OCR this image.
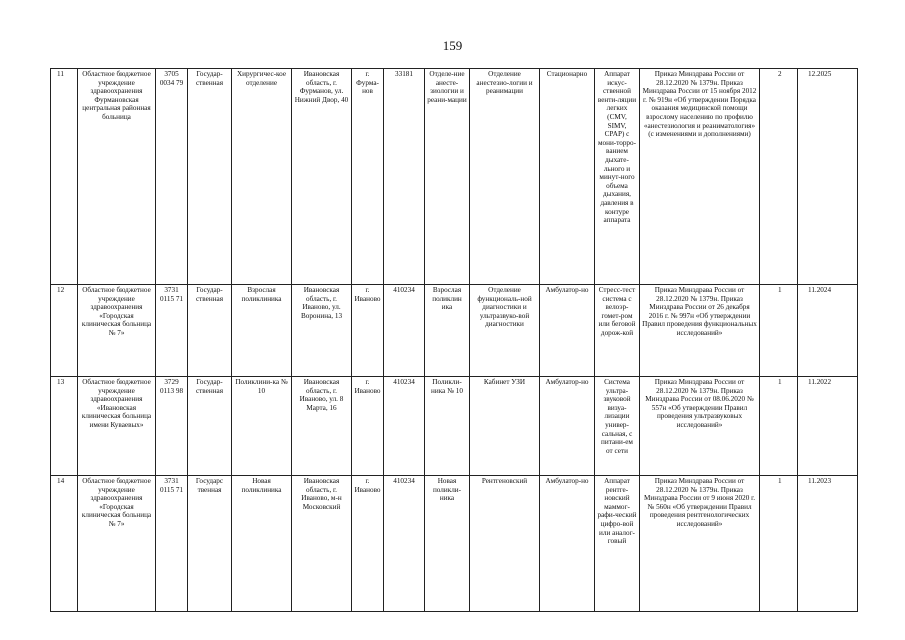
159
11	Областное бюджетное учреждение здравоохранения Фурмановская центральная районная больница	3705 0034 79	Государ-ственная	Хирургичес-кое отделение	Ивановская область, г. Фурманов, ул. Нижний Двор, 40	г. Фурма-нов	33181	Отделе-ние анесте-зиологии и реани-мации	Отделение анестезио-логии и реанимации	Стационарно	Аппарат искус-ственной венти-ляции легких (CMV, SIMV, CPAP) с мони-торро-ванием дыхате-льного и минут-ного объема дыхания, давления в контуре аппарата	Приказ Минздрава России от 28.12.2020 № 1379н. Приказ Минздрава России от 15 ноября 2012 г. № 919н «Об утверждении Порядка оказания медицинской помощи взрослому населению по профилю «анестезиология и реаниматология» (с изменениями и дополнениями)	2	12.2025
12	Областное бюджетное учреждение здравоохранения «Городская клиническая больница № 7»	3731 0115 71	Государ-ственная	Взрослая поликлиника	Ивановская область, г. Иваново, ул. Воронина, 13	г. Иваново	410234	Взрослая поликлин ика	Отделение функциональ-ной диагностики и ультразвуко-вой диагностики	Амбулатор-но	Стресс-тест система с велоэр-гомет-ром или беговой дорож-кой	Приказ Минздрава России от 28.12.2020 № 1379н. Приказ Минздрава России от 26 декабря 2016 г. № 997н «Об утверждении Правил проведения функциональных исследований»	1	11.2024
13	Областное бюджетное учреждение здравоохранения «Ивановская клиническая больница имени Куваевых»	3729 0113 98	Государ-ственная	Поликлини-ка № 10	Ивановская область, г. Иваново, ул. 8 Марта, 16	г. Иваново	410234	Поликли-ника № 10	Кабинет УЗИ	Амбулатор-но	Система ультра-звуковой визуа-лизации универ-сальная, с питани-ем от сети	Приказ Минздрава России от 28.12.2020 № 1379н. Приказ Минздрава России от 08.06.2020 № 557н «Об утверждении Правил проведения ультразвуковых исследований»	1	11.2022
14	Областное бюджетное учреждение здравоохранения «Городская клиническая больница № 7»	3731 0115 71	Государс твенная	Новая поликлиника	Ивановская область, г. Иваново, м-н Московский	г. Иваново	410234	Новая поликли-ника	Рентгеновский	Амбулатор-но	Аппарат рентге-новский маммог-рафи-ческий цифро-вой или аналог-говый	Приказ Минздрава России от 28.12.2020 № 1379н. Приказ Минздрава России от 9 июня 2020 г. № 560н «Об утверждении Правил проведения рентгенологических исследований»	1	11.2023
